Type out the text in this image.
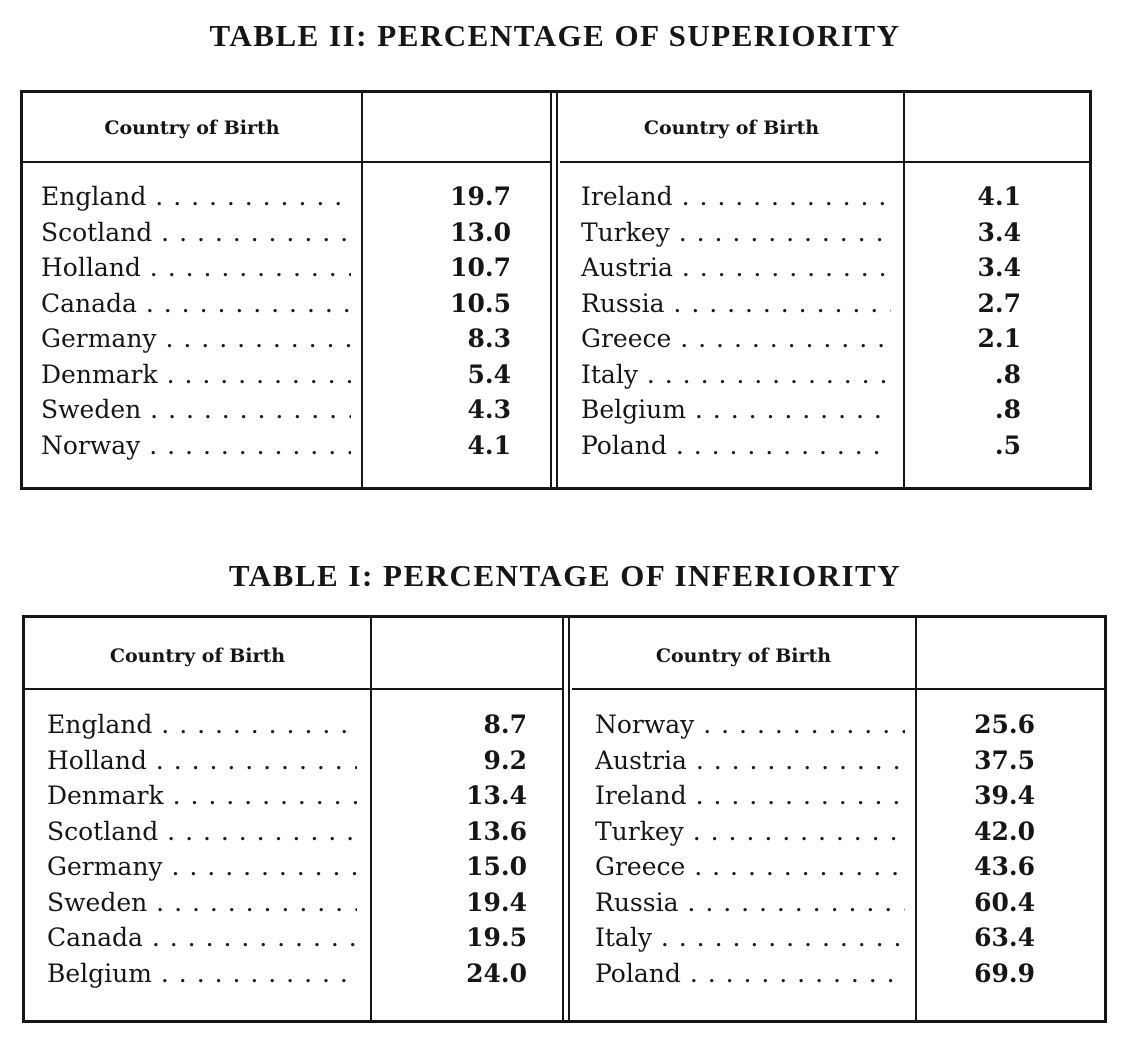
TABLE II: PERCENTAGE OF SUPERIORITY
Country of Birth	Country of Birth
England . . .	19.7
Scotland . . .	13.0
Holland . . .	10.7
Canada . . .	10.5
Germany . . .	8.3
Denmark . . .	5.4
Sweden . . .	4.3
Norway . . .	4.1
Ireland . . .	4.1
Turkey . . .	3.4
Austria . . .	3.4
Russia . . .	2.7
Greece . . .	2.1
Italy . . .	.8
Belgium . . .	.8
Poland . . .	.5
TABLE I: PERCENTAGE OF INFERIORITY
Country of Birth	Country of Birth
England . . .	8.7
Holland . . .	9.2
Denmark . . .	13.4
Scotland . . .	13.6
Germany . . .	15.0
Sweden . . .	19.4
Canada . . .	19.5
Belgium . . .	24.0
Norway . . .	25.6
Austria . . .	37.5
Ireland . . .	39.4
Turkey . . .	42.0
Greece . . .	43.6
Russia . . .	60.4
Italy . . .	63.4
Poland . . .	69.9
